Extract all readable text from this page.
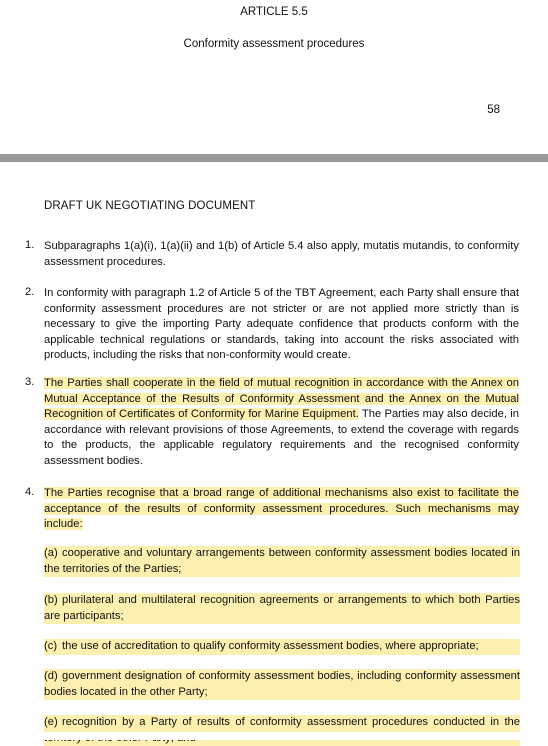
ARTICLE 5.5
Conformity assessment procedures
58
DRAFT UK NEGOTIATING DOCUMENT
1. Subparagraphs 1(a)(i), 1(a)(ii) and 1(b) of Article 5.4 also apply, mutatis mutandis, to conformity assessment procedures.
2. In conformity with paragraph 1.2 of Article 5 of the TBT Agreement, each Party shall ensure that conformity assessment procedures are not stricter or are not applied more strictly than is necessary to give the importing Party adequate confidence that products conform with the applicable technical regulations or standards, taking into account the risks associated with products, including the risks that non-conformity would create.
3. The Parties shall cooperate in the field of mutual recognition in accordance with the Annex on Mutual Acceptance of the Results of Conformity Assessment and the Annex on the Mutual Recognition of Certificates of Conformity for Marine Equipment. The Parties may also decide, in accordance with relevant provisions of those Agreements, to extend the coverage with regards to the products, the applicable regulatory requirements and the recognised conformity assessment bodies.
4. The Parties recognise that a broad range of additional mechanisms also exist to facilitate the acceptance of the results of conformity assessment procedures. Such mechanisms may include:
(a) cooperative and voluntary arrangements between conformity assessment bodies located in the territories of the Parties;
(b) plurilateral and multilateral recognition agreements or arrangements to which both Parties are participants;
(c) the use of accreditation to qualify conformity assessment bodies, where appropriate;
(d) government designation of conformity assessment bodies, including conformity assessment bodies located in the other Party;
(e) recognition by a Party of results of conformity assessment procedures conducted in the
